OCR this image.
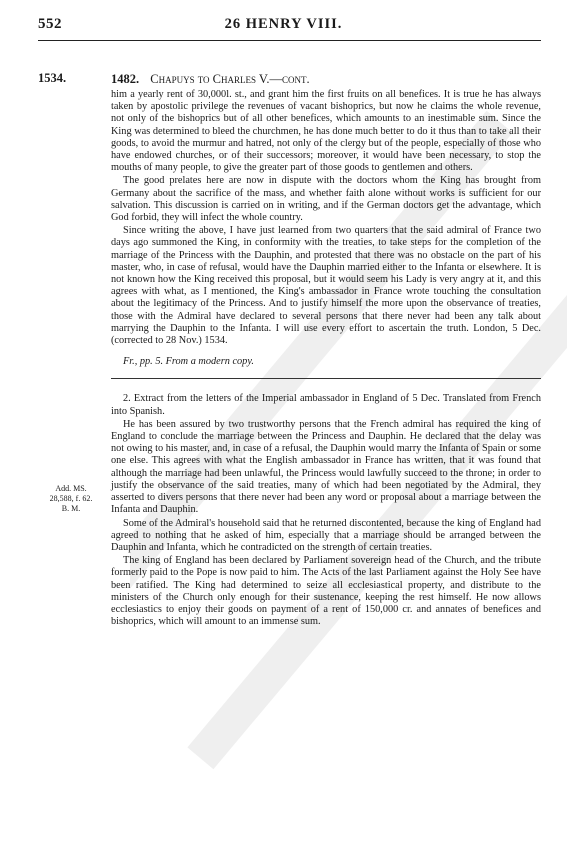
552	26 HENRY VIII.
1534.
Add. MS.
28,588, f. 62.
B. M.
1482. Chapuys to Charles V.—cont.

him a yearly rent of 30,000l. st., and grant him the first fruits on all benefices. It is true he has always taken by apostolic privilege the revenues of vacant bishoprics, but now he claims the whole revenue, not only of the bishoprics but of all other benefices, which amounts to an inestimable sum. Since the King was determined to bleed the churchmen, he has done much better to do it thus than to take all their goods, to avoid the murmur and hatred, not only of the clergy but of the people, especially of those who have endowed churches, or of their successors; moreover, it would have been necessary, to stop the mouths of many people, to give the greater part of those goods to gentlemen and others.

The good prelates here are now in dispute with the doctors whom the King has brought from Germany about the sacrifice of the mass, and whether faith alone without works is sufficient for our salvation. This discussion is carried on in writing, and if the German doctors get the advantage, which God forbid, they will infect the whole country.

Since writing the above, I have just learned from two quarters that the said admiral of France two days ago summoned the King, in conformity with the treaties, to take steps for the completion of the marriage of the Princess with the Dauphin, and protested that there was no obstacle on the part of his master, who, in case of refusal, would have the Dauphin married either to the Infanta or elsewhere. It is not known how the King received this proposal, but it would seem his Lady is very angry at it, and this agrees with what, as I mentioned, the King's ambassador in France wrote touching the consultation about the legitimacy of the Princess. And to justify himself the more upon the observance of treaties, those with the Admiral have declared to several persons that there never had been any talk about marrying the Dauphin to the Infanta. I will use every effort to ascertain the truth. London, 5 Dec. (corrected to 28 Nov.) 1534.

Fr., pp. 5. From a modern copy.

2. Extract from the letters of the Imperial ambassador in England of 5 Dec. Translated from French into Spanish.

He has been assured by two trustworthy persons that the French admiral has required the king of England to conclude the marriage between the Princess and Dauphin. He declared that the delay was not owing to his master, and, in case of a refusal, the Dauphin would marry the Infanta of Spain or some one else. This agrees with what the English ambassador in France has written, that it was found that although the marriage had been unlawful, the Princess would lawfully succeed to the throne; in order to justify the observance of the said treaties, many of which had been negotiated by the Admiral, they asserted to divers persons that there never had been any word or proposal about a marriage between the Infanta and Dauphin.

Some of the Admiral's household said that he returned discontented, because the king of England had agreed to nothing that he asked of him, especially that a marriage should be arranged between the Dauphin and Infanta, which he contradicted on the strength of certain treaties.

The king of England has been declared by Parliament sovereign head of the Church, and the tribute formerly paid to the Pope is now paid to him. The Acts of the last Parliament against the Holy See have been ratified. The King had determined to seize all ecclesiastical property, and distribute to the ministers of the Church only enough for their sustenance, keeping the rest himself. He now allows ecclesiastics to enjoy their goods on payment of a rent of 150,000 cr. and annates of benefices and bishoprics, which will amount to an immense sum.
